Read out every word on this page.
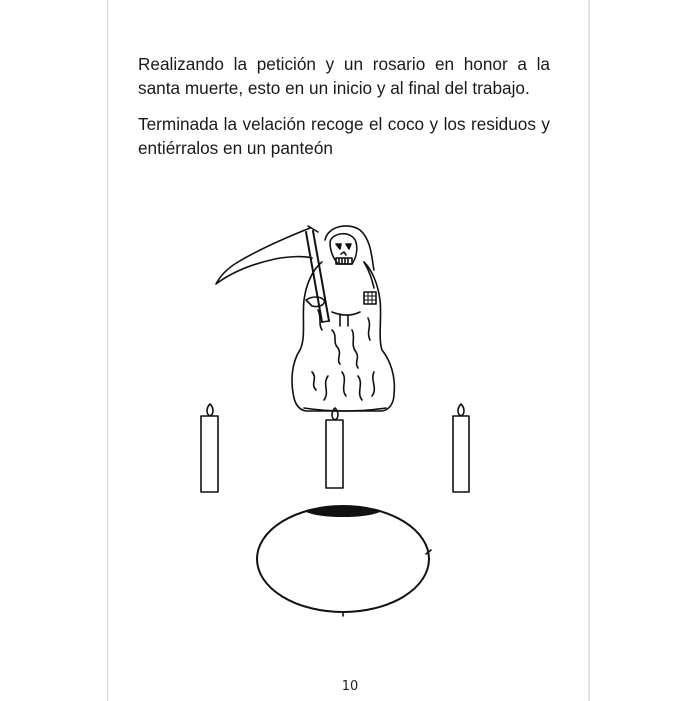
Realizando la petición y un rosario en honor a la santa muerte, esto en un inicio y al final del trabajo.

Terminada la velación recoge el coco y los residuos y entiérralos en un panteón

10
